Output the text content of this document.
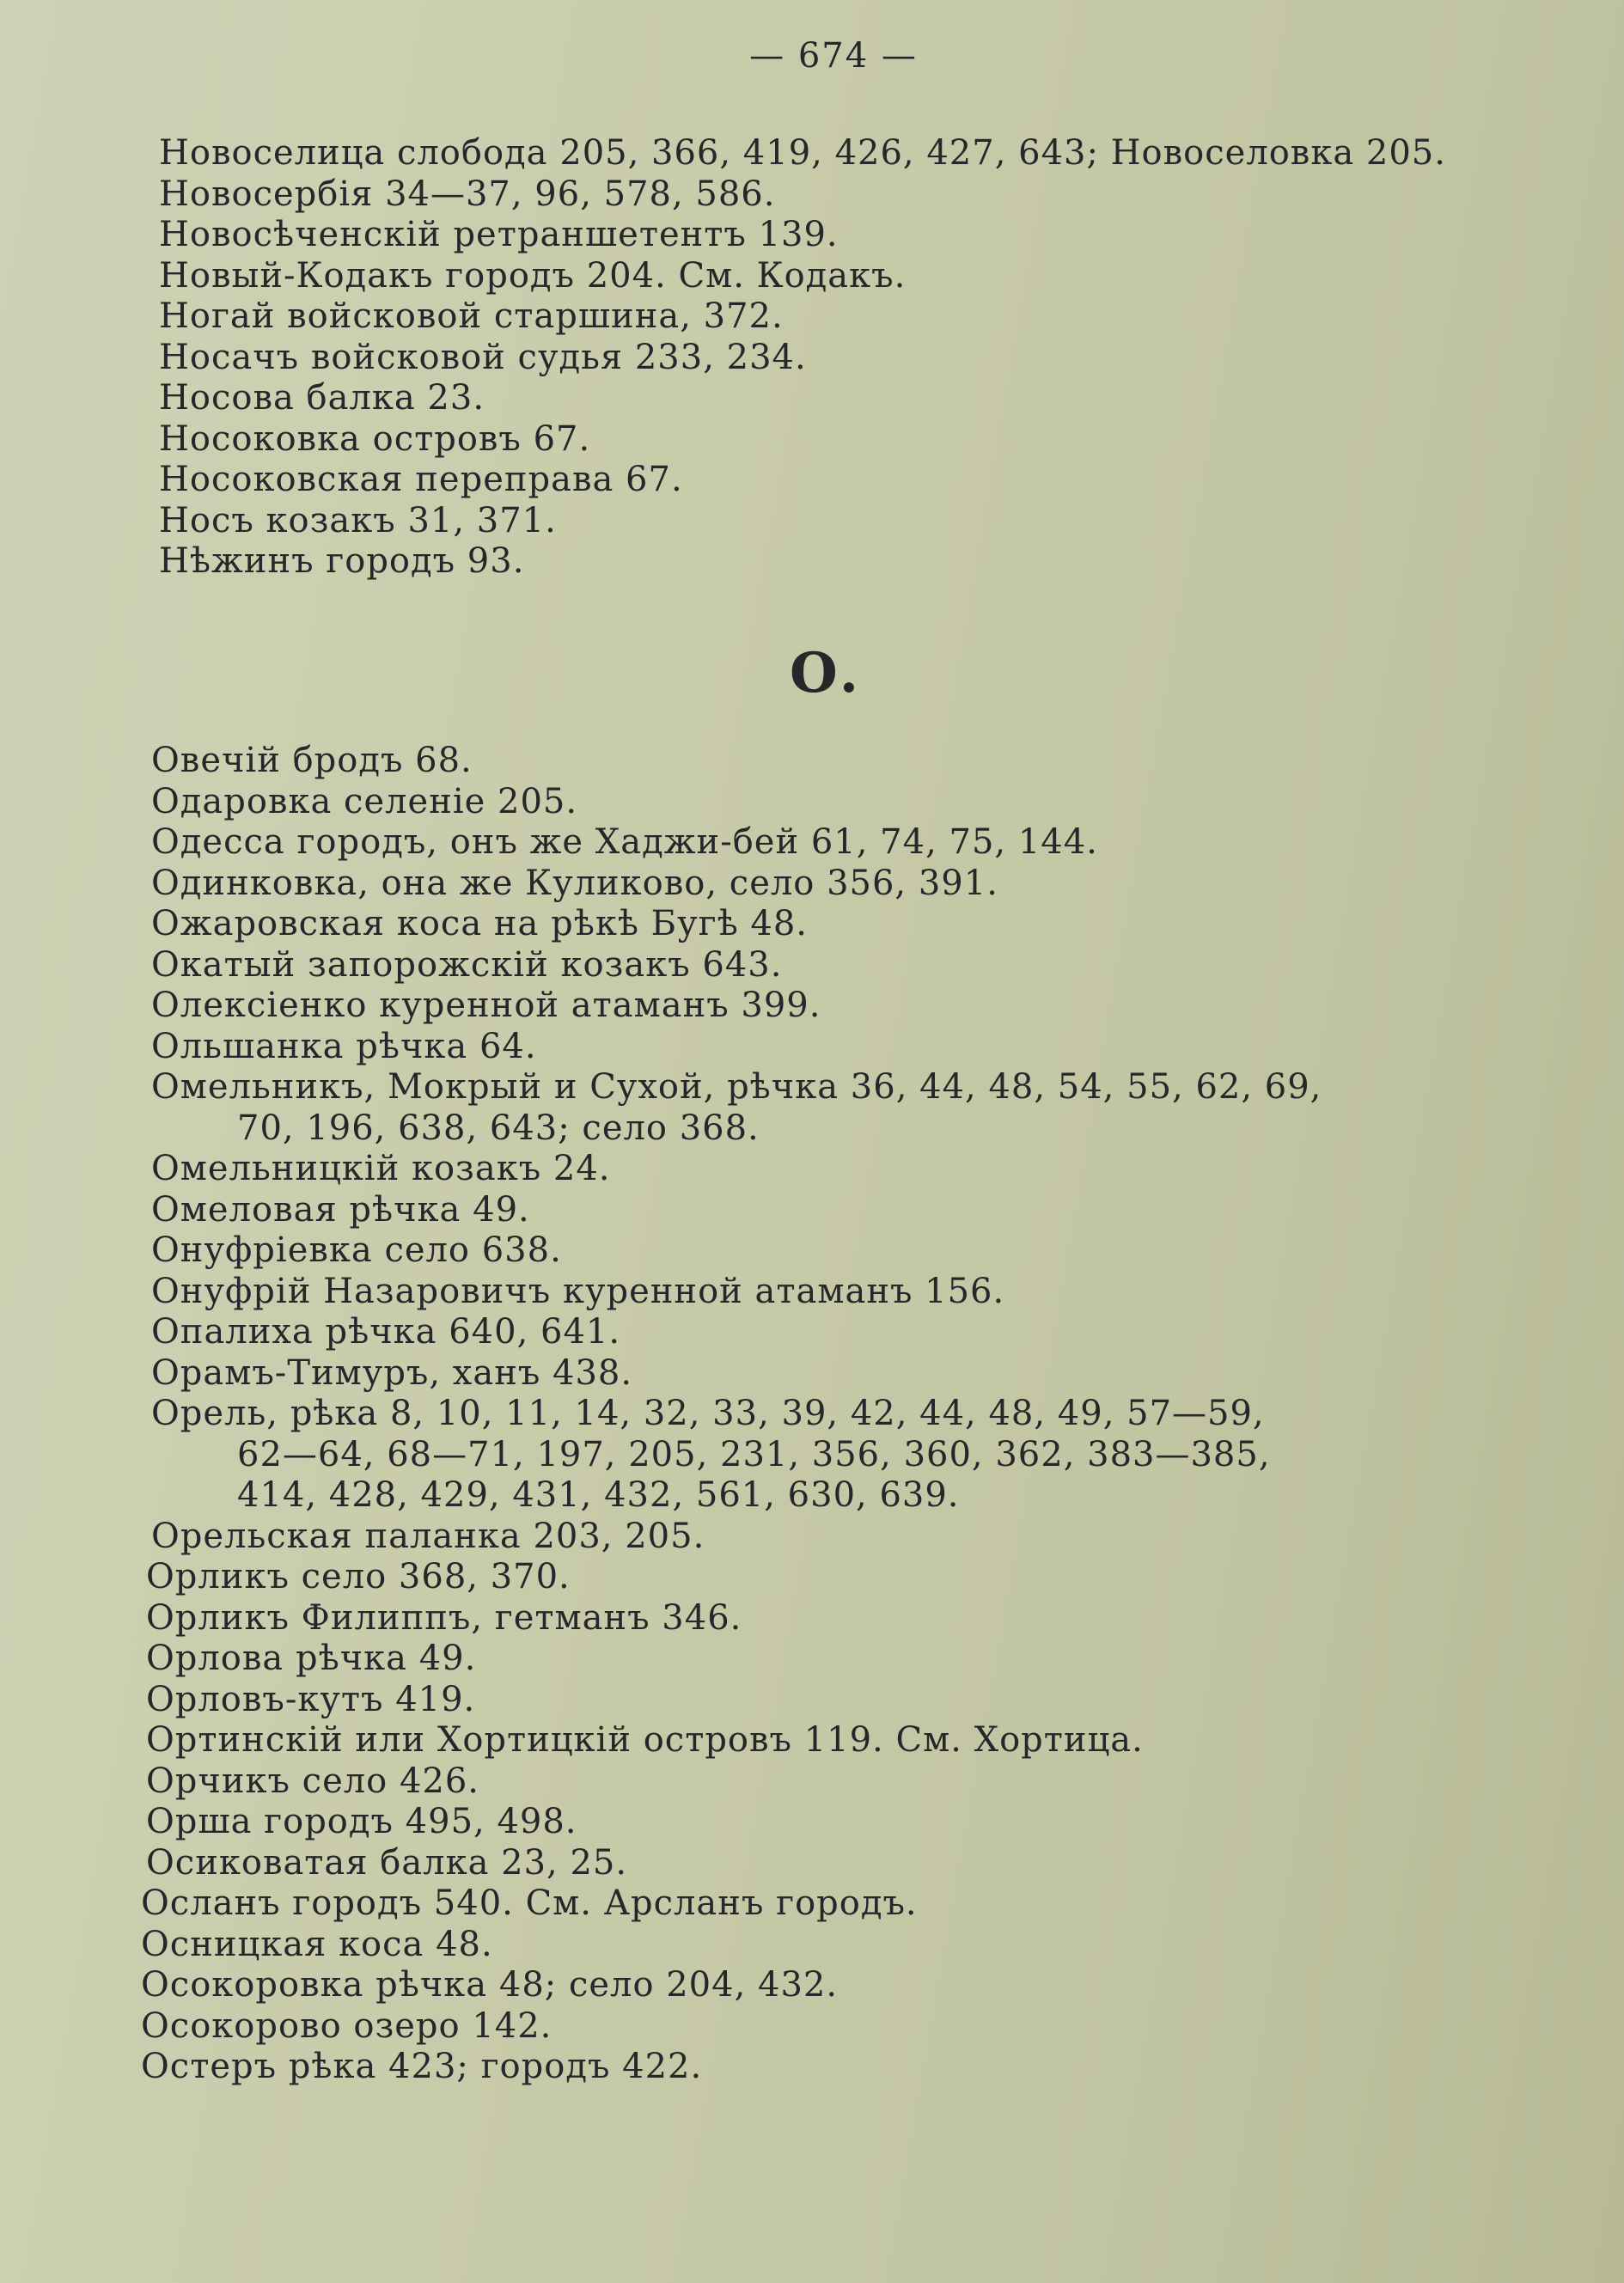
— 674 —
Новоселица слобода 205, 366, 419, 426, 427, 643; Новоселовка 205.
Новосербія 34—37, 96, 578, 586.
Новосѣченскій ретраншетентъ 139.
Новый-Кодакъ городъ 204. См. Кодакъ.
Ногай войсковой старшина, 372.
Носачъ войсковой судья 233, 234.
Носова балка 23.
Носоковка островъ 67.
Носоковская переправа 67.
Носъ козакъ 31, 371.
Нѣжинъ городъ 93.
О.
Овечій бродъ 68.
Одаровка селеніе 205.
Одесса городъ, онъ же Хаджи-бей 61, 74, 75, 144.
Одинковка, она же Куликово, село 356, 391.
Ожаровская коса на рѣкѣ Бугѣ 48.
Окатый запорожскій козакъ 643.
Олексіенко куренной атаманъ 399.
Ольшанка рѣчка 64.
Омельникъ, Мокрый и Сухой, рѣчка 36, 44, 48, 54, 55, 62, 69,
70, 196, 638, 643; село 368.
Омельницкій козакъ 24.
Омеловая рѣчка 49.
Онуфріевка село 638.
Онуфрій Назаровичъ куренной атаманъ 156.
Опалиха рѣчка 640, 641.
Орамъ-Тимуръ, ханъ 438.
Орель, рѣка 8, 10, 11, 14, 32, 33, 39, 42, 44, 48, 49, 57—59,
62—64, 68—71, 197, 205, 231, 356, 360, 362, 383—385,
414, 428, 429, 431, 432, 561, 630, 639.
Орельская паланка 203, 205.
Орликъ село 368, 370.
Орликъ Филиппъ, гетманъ 346.
Орлова рѣчка 49.
Орловъ-кутъ 419.
Ортинскій или Хортицкій островъ 119. См. Хортица.
Орчикъ село 426.
Орша городъ 495, 498.
Осиковатая балка 23, 25.
Осланъ городъ 540. См. Арсланъ городъ.
Осницкая коса 48.
Осокоровка рѣчка 48; село 204, 432.
Осокорово озеро 142.
Остеръ рѣка 423; городъ 422.
